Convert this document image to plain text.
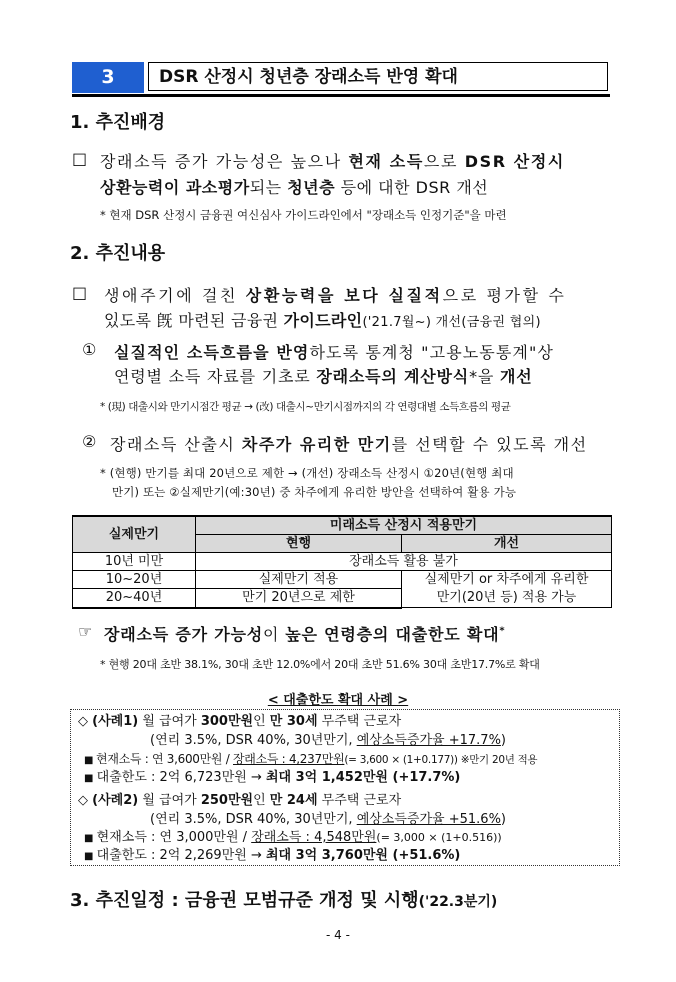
3	DSR 산정시 청년층 장래소득 반영 확대
1. 추진배경
□ 장래소득 증가 가능성은 높으나 현재 소득으로 DSR 산정시
상환능력이 과소평가되는 청년층 등에 대한 DSR 개선
* 현재 DSR 산정시 금융권 여신심사 가이드라인에서 "장래소득 인정기준"을 마련
2. 추진내용
□ 생애주기에 걸친 상환능력을 보다 실질적으로 평가할 수
있도록 旣 마련된 금융권 가이드라인('21.7월~) 개선(금융권 협의)
① 실질적인 소득흐름을 반영하도록 통계청 "고용노동통계"상
연령별 소득 자료를 기초로 장래소득의 계산방식*을 개선
* (現) 대출시와 만기시점간 평균 → (改) 대출시~만기시점까지의 각 연령대별 소득흐름의 평균
② 장래소득 산출시 차주가 유리한 만기를 선택할 수 있도록 개선
* (현행) 만기를 최대 20년으로 제한 → (개선) 장래소득 산정시 ①20년(현행 최대
만기) 또는 ②실제만기(예:30년) 중 차주에게 유리한 방안을 선택하여 활용 가능
실제만기	미래소득 산정시 적용만기	
	현행	개선
10년 미만	장래소득 활용 불가	
10~20년	실제만기 적용	실제만기 or 차주에게 유리한
만기(20년 등) 적용 가능

20~40년	만기 20년으로 제한	
☞ 장래소득 증가 가능성이 높은 연령층의 대출한도 확대*
* 현행 20대 초반 38.1%, 30대 초반 12.0%에서 20대 초반 51.6% 30대 초반17.7%로 확대
< 대출한도 확대 사례 >
◇ (사례1) 월 급여가 300만원인 만 30세 무주택 근로자
(연리 3.5%, DSR 40%, 30년만기, 예상소득증가율 +17.7%)
■ 현재소득 : 연 3,600만원 / 장래소득 : 4,237만원(= 3,600 × (1+0.177)) ※만기 20년 적용
■ 대출한도 : 2억 6,723만원 → 최대 3억 1,452만원 (+17.7%)
◇ (사례2) 월 급여가 250만원인 만 24세 무주택 근로자
(연리 3.5%, DSR 40%, 30년만기, 예상소득증가율 +51.6%)
■ 현재소득 : 연 3,000만원 / 장래소득 : 4,548만원(= 3,000 × (1+0.516))
■ 대출한도 : 2억 2,269만원 → 최대 3억 3,760만원 (+51.6%)
3. 추진일정 : 금융권 모범규준 개정 및 시행('22.3분기)
- 4 -
